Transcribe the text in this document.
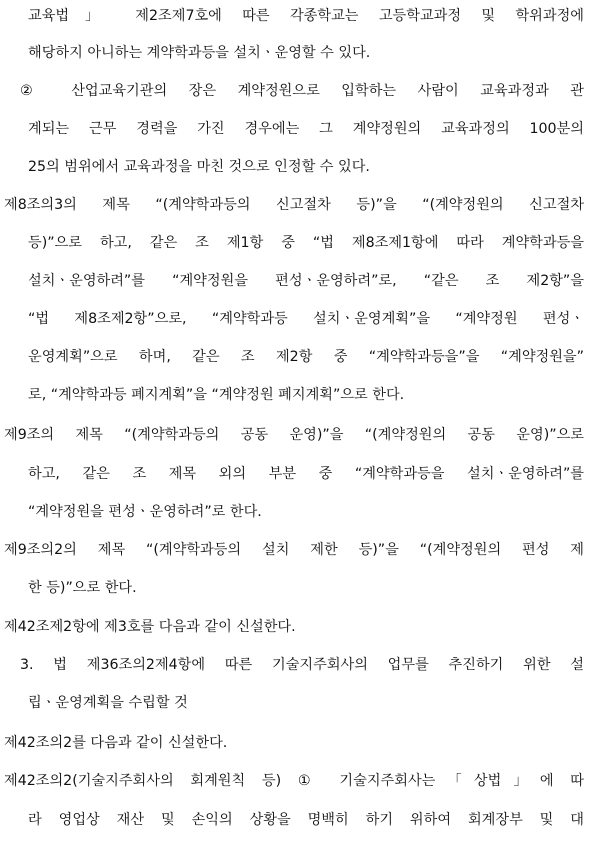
교육법」 제2조제7호에 따른 각종학교는 고등학교과정 및 학위과정에
해당하지 아니하는 계약학과등을 설치ㆍ운영할 수 있다.
② 산업교육기관의 장은 계약정원으로 입학하는 사람이 교육과정과 관
계되는 근무 경력을 가진 경우에는 그 계약정원의 교육과정의 100분의
25의 범위에서 교육과정을 마친 것으로 인정할 수 있다.
제8조의3의 제목 “(계약학과등의 신고절차 등)”을 “(계약정원의 신고절차
등)”으로 하고, 같은 조 제1항 중 “법 제8조제1항에 따라 계약학과등을
설치ㆍ운영하려”를 “계약정원을 편성ㆍ운영하려”로, “같은 조 제2항”을
“법 제8조제2항”으로, “계약학과등 설치ㆍ운영계획”을 “계약정원 편성ㆍ
운영계획”으로 하며, 같은 조 제2항 중 “계약학과등을”을 “계약정원을”
로, “계약학과등 폐지계획”을 “계약정원 폐지계획”으로 한다.
제9조의 제목 “(계약학과등의 공동 운영)”을 “(계약정원의 공동 운영)”으로
하고, 같은 조 제목 외의 부분 중 “계약학과등을 설치ㆍ운영하려”를
“계약정원을 편성ㆍ운영하려”로 한다.
제9조의2의 제목 “(계약학과등의 설치 제한 등)”을 “(계약정원의 편성 제
한 등)”으로 한다.
제42조제2항에 제3호를 다음과 같이 신설한다.
3. 법 제36조의2제4항에 따른 기술지주회사의 업무를 추진하기 위한 설
립ㆍ운영계획을 수립할 것
제42조의2를 다음과 같이 신설한다.
제42조의2(기술지주회사의 회계원칙 등) ① 기술지주회사는「상법」에 따
라 영업상 재산 및 손익의 상황을 명백히 하기 위하여 회계장부 및 대
